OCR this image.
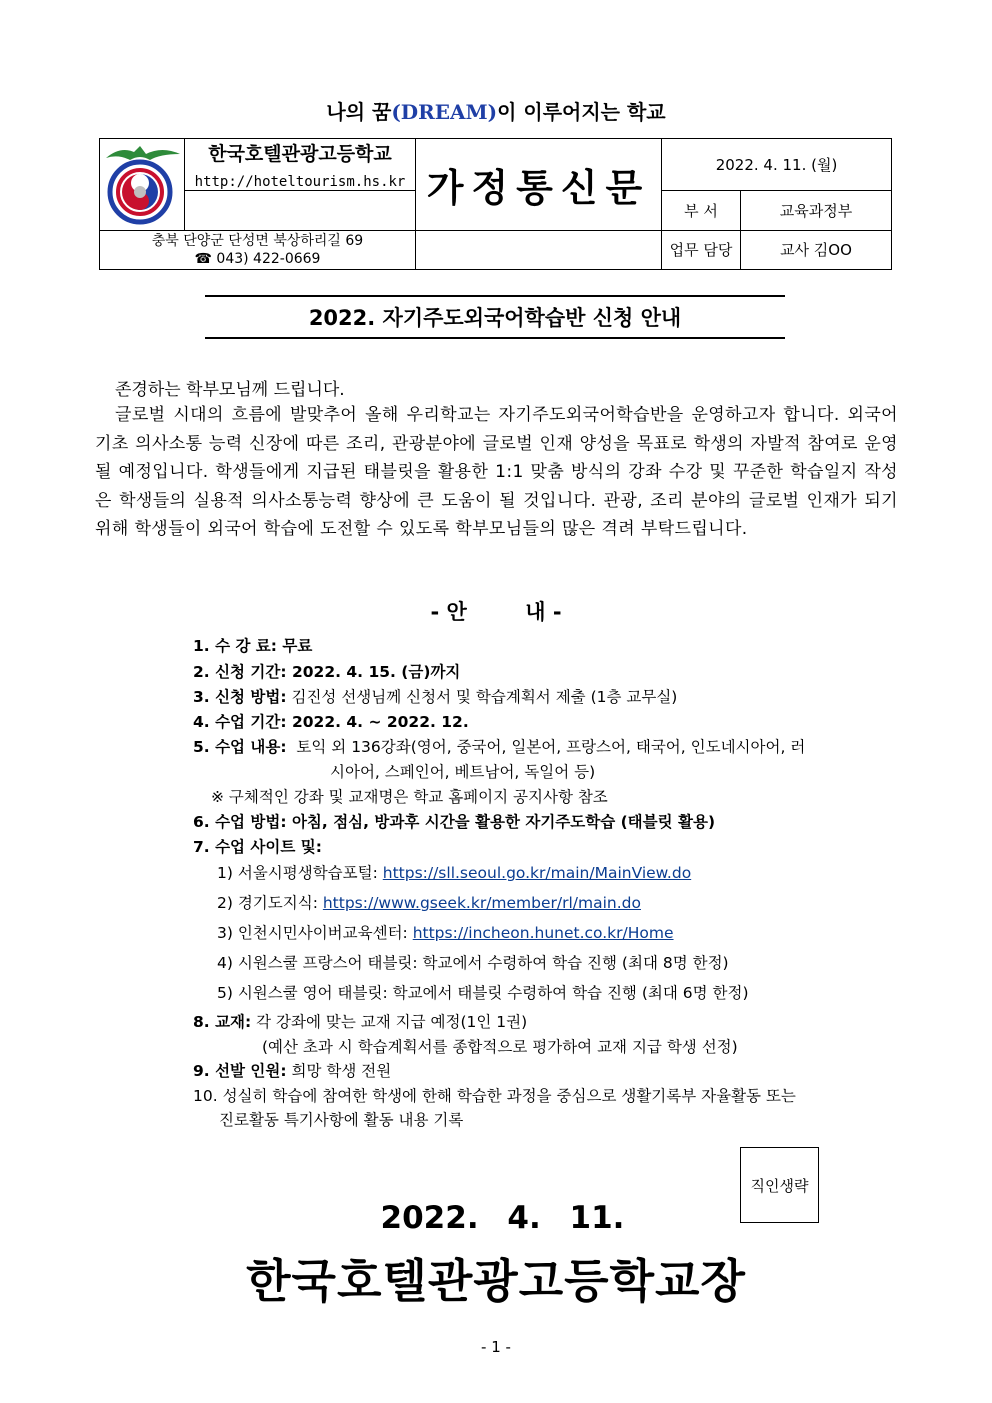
나의 꿈(DREAM)이 이루어지는 학교

한국호텔관광고등학교
http://hoteltourism.hs.kr	가정통신문	2022. 4. 11. (월)	
			부 서	교육과정부

충북 단양군 단성면 북상하리길 69
☎ 043) 422-0669			업무 담당	교사 김OO
2022. 자기주도외국어학습반 신청 안내
존경하는 학부모님께 드립니다.
글로벌 시대의 흐름에 발맞추어 올해 우리학교는 자기주도외국어학습반을 운영하고자 합니다. 외국어 기초 의사소통 능력 신장에 따른 조리, 관광분야에 글로벌 인재 양성을 목표로 학생의 자발적 참여로 운영될 예정입니다. 학생들에게 지급된 태블릿을 활용한 1:1 맞춤 방식의 강좌 수강 및 꾸준한 학습일지 작성은 학생들의 실용적 의사소통능력 향상에 큰 도움이 될 것입니다. 관광, 조리 분야의 글로벌 인재가 되기 위해 학생들이 외국어 학습에 도전할 수 있도록 학부모님들의 많은 격려 부탁드립니다.
- 안        내 -
1. 수 강 료: 무료
2. 신청 기간: 2022. 4. 15. (금)까지
3. 신청 방법: 김진성 선생님께 신청서 및 학습계획서 제출 (1층 교무실)
4. 수업 기간: 2022. 4. ~ 2022. 12.
5. 수업 내용:  토익 외 136강좌(영어, 중국어, 일본어, 프랑스어, 태국어, 인도네시아어, 러
시아어, 스페인어, 베트남어, 독일어 등)
※ 구체적인 강좌 및 교재명은 학교 홈페이지 공지사항 참조
6. 수업 방법: 아침, 점심, 방과후 시간을 활용한 자기주도학습 (태블릿 활용)
7. 수업 사이트 및:
1) 서울시평생학습포털: https://sll.seoul.go.kr/main/MainView.do
2) 경기도지식: https://www.gseek.kr/member/rl/main.do
3) 인천시민사이버교육센터: https://incheon.hunet.co.kr/Home
4) 시원스쿨 프랑스어 태블릿: 학교에서 수령하여 학습 진행 (최대 8명 한정)
5) 시원스쿨 영어 태블릿: 학교에서 태블릿 수령하여 학습 진행 (최대 6명 한정)
8. 교재: 각 강좌에 맞는 교재 지급 예정(1인 1권)
(예산 초과 시 학습계획서를 종합적으로 평가하여 교재 지급 학생 선정)
9. 선발 인원: 희망 학생 전원
10. 성실히 학습에 참여한 학생에 한해 학습한 과정을 중심으로 생활기록부 자율활동 또는
진로활동 특기사항에 활동 내용 기록
직인생략
2022. 4. 11.
한국호텔관광고등학교장
- 1 -
